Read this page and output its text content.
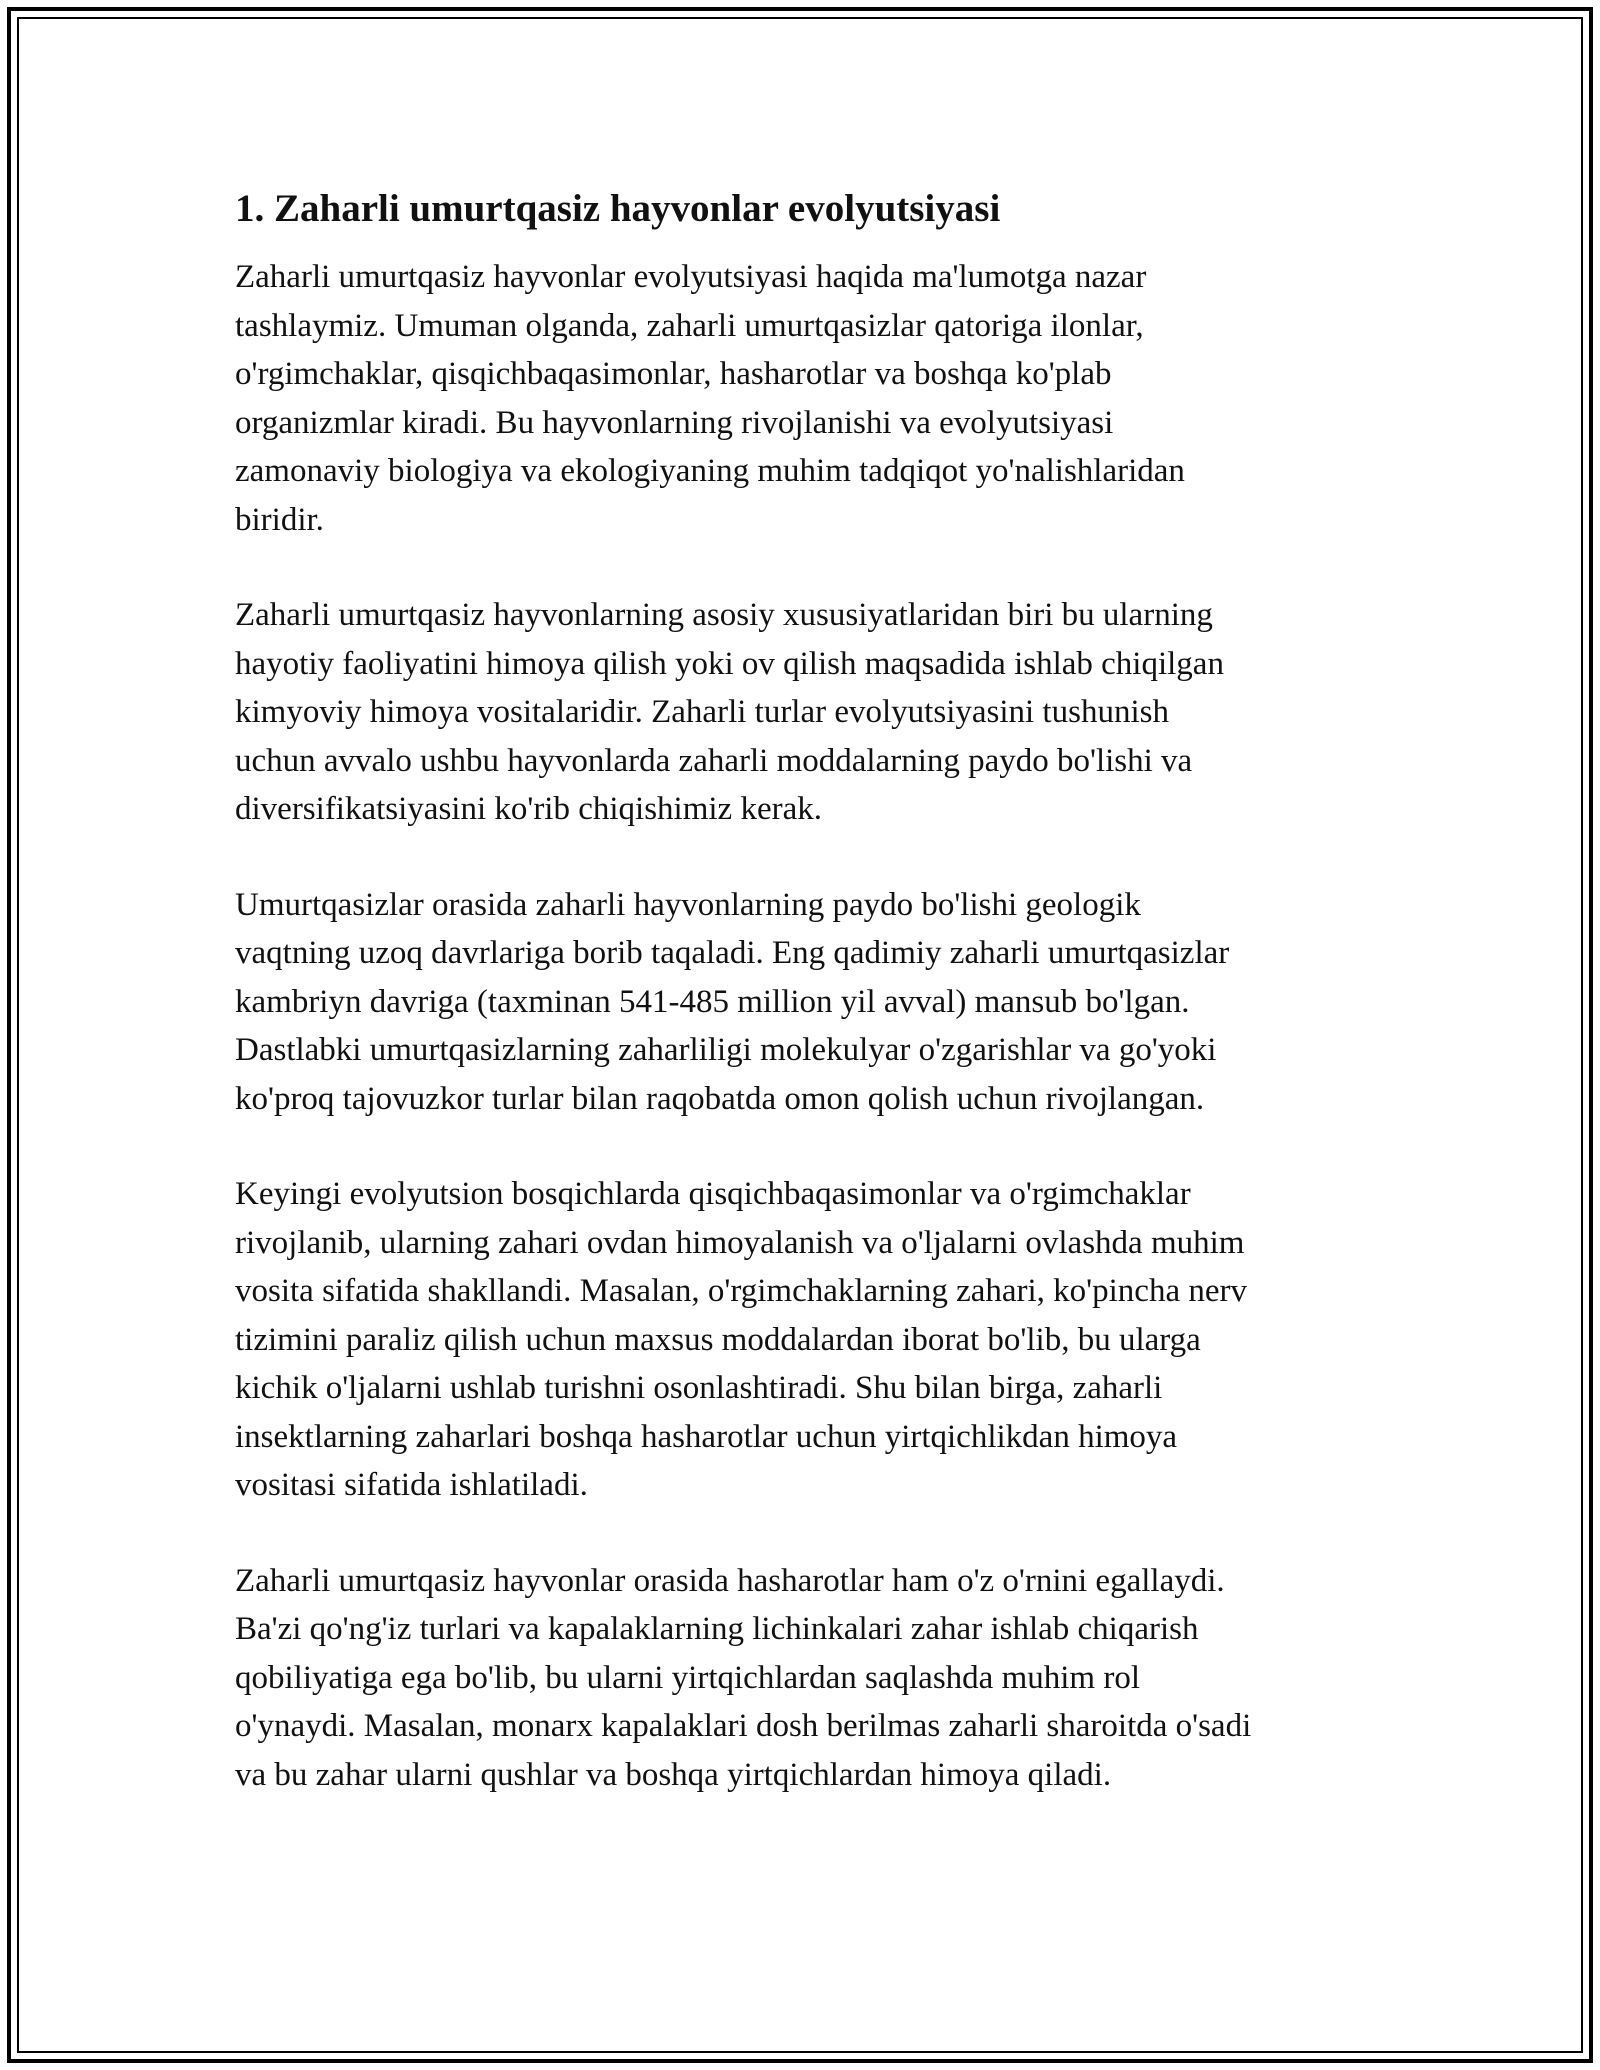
1. Zaharli umurtqasiz hayvonlar evolyutsiyasi

Zaharli umurtqasiz hayvonlar evolyutsiyasi haqida ma'lumotga nazar
tashlaymiz. Umuman olganda, zaharli umurtqasizlar qatoriga ilonlar,
o'rgimchaklar, qisqichbaqasimonlar, hasharotlar va boshqa ko'plab
organizmlar kiradi. Bu hayvonlarning rivojlanishi va evolyutsiyasi
zamonaviy biologiya va ekologiyaning muhim tadqiqot yo'nalishlaridan
biridir.

Zaharli umurtqasiz hayvonlarning asosiy xususiyatlaridan biri bu ularning
hayotiy faoliyatini himoya qilish yoki ov qilish maqsadida ishlab chiqilgan
kimyoviy himoya vositalaridir. Zaharli turlar evolyutsiyasini tushunish
uchun avvalo ushbu hayvonlarda zaharli moddalarning paydo bo'lishi va
diversifikatsiyasini ko'rib chiqishimiz kerak.

Umurtqasizlar orasida zaharli hayvonlarning paydo bo'lishi geologik
vaqtning uzoq davrlariga borib taqaladi. Eng qadimiy zaharli umurtqasizlar
kambriyn davriga (taxminan 541-485 million yil avval) mansub bo'lgan.
Dastlabki umurtqasizlarning zaharliligi molekulyar o'zgarishlar va go'yoki
ko'proq tajovuzkor turlar bilan raqobatda omon qolish uchun rivojlangan.

Keyingi evolyutsion bosqichlarda qisqichbaqasimonlar va o'rgimchaklar
rivojlanib, ularning zahari ovdan himoyalanish va o'ljalarni ovlashda muhim
vosita sifatida shakllandi. Masalan, o'rgimchaklarning zahari, ko'pincha nerv
tizimini paraliz qilish uchun maxsus moddalardan iborat bo'lib, bu ularga
kichik o'ljalarni ushlab turishni osonlashtiradi. Shu bilan birga, zaharli
insektlarning zaharlari boshqa hasharotlar uchun yirtqichlikdan himoya
vositasi sifatida ishlatiladi.

Zaharli umurtqasiz hayvonlar orasida hasharotlar ham o'z o'rnini egallaydi.
Ba'zi qo'ng'iz turlari va kapalaklarning lichinkalari zahar ishlab chiqarish
qobiliyatiga ega bo'lib, bu ularni yirtqichlardan saqlashda muhim rol
o'ynaydi. Masalan, monarx kapalaklari dosh berilmas zaharli sharoitda o'sadi
va bu zahar ularni qushlar va boshqa yirtqichlardan himoya qiladi.
